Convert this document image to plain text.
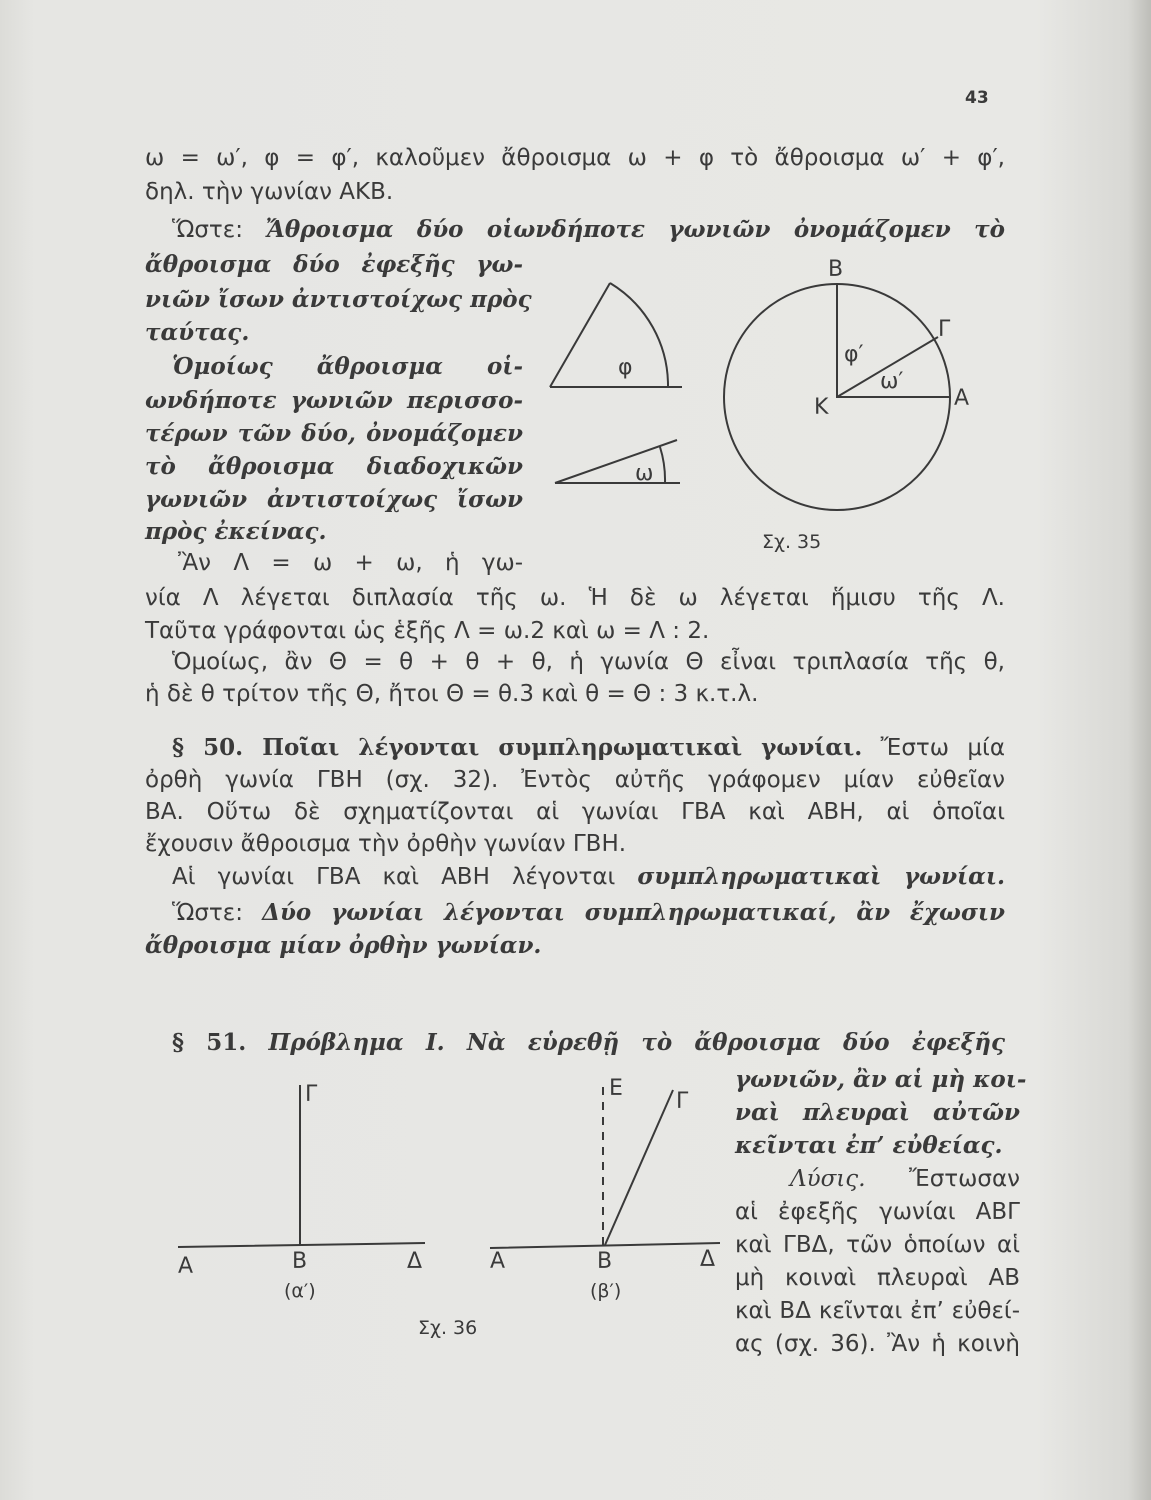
43
ω = ω′, φ = φ′, καλοῦμεν ἄθροισμα ω + φ τὸ ἄθροισμα ω′ + φ′,
δηλ. τὴν γωνίαν ΑΚΒ.
Ὥστε: Ἄθροισμα δύο οἱωνδήποτε γωνιῶν ὀνομάζομεν τὸ
ἄθροισμα δύο ἐφεξῆς γω-
νιῶν ἴσων ἀντιστοίχως πρὸς
ταύτας.
Ὁμοίως ἄθροισμα οἱ-
ωνδήποτε γωνιῶν περισσο-
τέρων τῶν δύο, ὀνομάζομεν
τὸ ἄθροισμα διαδοχικῶν
γωνιῶν ἀντιστοίχως ἴσων
πρὸς ἐκείνας.
Ἂν Λ = ω + ω, ἡ γω-
νία Λ λέγεται διπλασία τῆς ω. Ἡ δὲ ω λέγεται ἥμισυ τῆς Λ.
Ταῦτα γράφονται ὡς ἑξῆς Λ = ω.2 καὶ ω = Λ : 2.
Ὁμοίως, ἂν Θ = θ + θ + θ, ἡ γωνία Θ εἶναι τριπλασία τῆς θ,
ἡ δὲ θ τρίτον τῆς Θ, ἤτοι Θ = θ.3 καὶ θ = Θ : 3 κ.τ.λ.
§ 50. Ποῖαι λέγονται συμπληρωματικαὶ γωνίαι. Ἔστω μία
ὀρθὴ γωνία ΓΒΗ (σχ. 32). Ἐντὸς αὐτῆς γράφομεν μίαν εὐθεῖαν
ΒΑ. Οὕτω δὲ σχηματίζονται αἱ γωνίαι ΓΒΑ καὶ ΑΒΗ, αἱ ὁποῖαι
ἔχουσιν ἄθροισμα τὴν ὀρθὴν γωνίαν ΓΒΗ.
Αἱ γωνίαι ΓΒΑ καὶ ΑΒΗ λέγονται συμπληρωματικαὶ γωνίαι.
Ὥστε: Δύο γωνίαι λέγονται συμπληρωματικαί, ἂν ἔχωσιν
ἄθροισμα μίαν ὀρθὴν γωνίαν.
§ 51. Πρόβλημα Ι. Νὰ εὑρεθῇ τὸ ἄθροισμα δύο ἐφεξῆς
γωνιῶν, ἂν αἱ μὴ κοι-
ναὶ πλευραὶ αὐτῶν
κεῖνται ἐπ’ εὐθείας.
Λύσις. Ἔστωσαν
αἱ ἐφεξῆς γωνίαι ΑΒΓ
καὶ ΓΒΔ, τῶν ὁποίων αἱ
μὴ κοιναὶ πλευραὶ ΑΒ
καὶ ΒΔ κεῖνται ἐπ’ εὐθεί-
ας (σχ. 36). Ἂν ἡ κοινὴ
φ
ω
Β
Γ
φ′
ω′
Κ	Α
Σχ. 35
Γ
Α	Β	Δ
(α′)
Ε
Γ
Α	Β	Δ
(β′)
Σχ. 36
